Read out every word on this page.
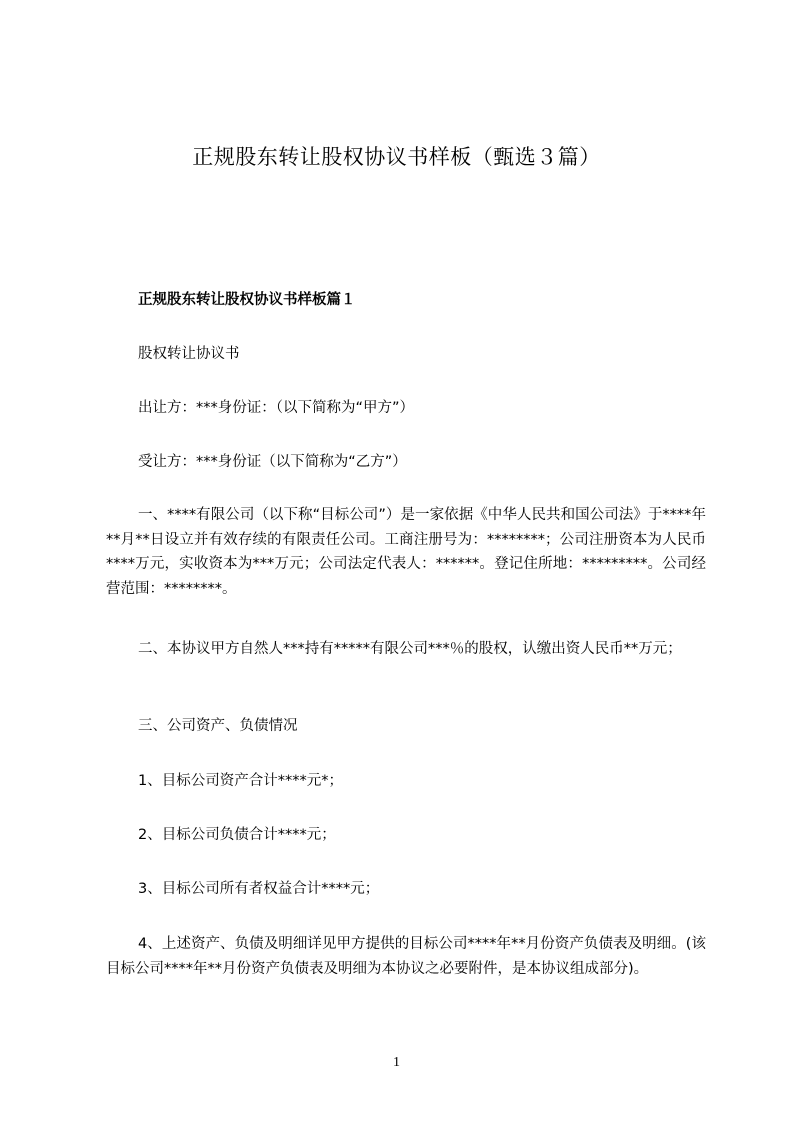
正规股东转让股权协议书样板（甄选３篇）
正规股东转让股权协议书样板篇１
股权转让协议书
出让方：***身份证：（以下简称为“甲方”）
受让方：***身份证（以下简称为“乙方”）
一、****有限公司（以下称“目标公司”）是一家依据《中华人民共和国公司法》于****年**月**日设立并有效存续的有限责任公司。工商注册号为：********；公司注册资本为人民币****万元，实收资本为***万元；公司法定代表人：******。登记住所地：*********。公司经营范围：********。
二、本协议甲方自然人***持有*****有限公司***％的股权，认缴出资人民币**万元；
三、公司资产、负债情况
1、目标公司资产合计****元*；
2、目标公司负债合计****元；
3、目标公司所有者权益合计****元；
4、上述资产、负债及明细详见甲方提供的目标公司****年**月份资产负债表及明细。(该目标公司****年**月份资产负债表及明细为本协议之必要附件，是本协议组成部分)。
1
